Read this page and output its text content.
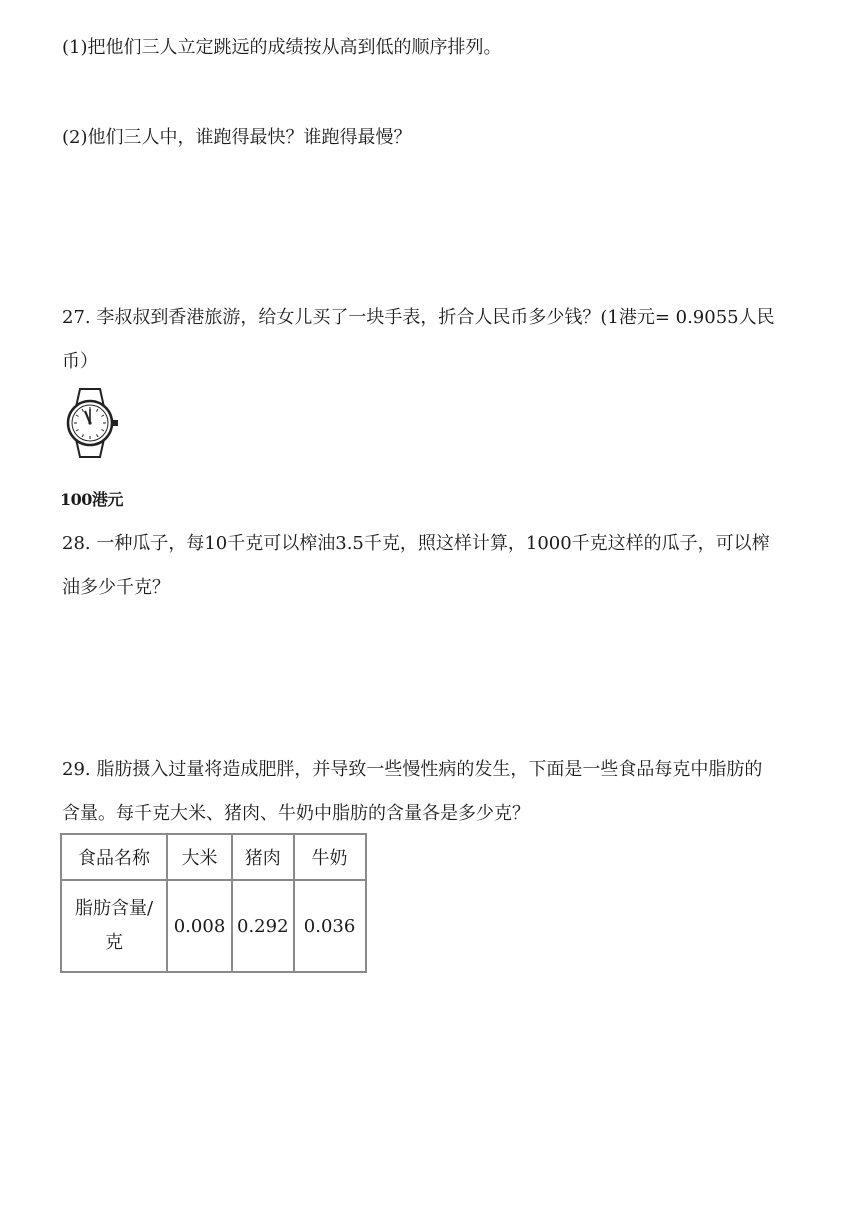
(1)把他们三人立定跳远的成绩按从高到低的顺序排列。
(2)他们三人中，谁跑得最快？谁跑得最慢？
27. 李叔叔到香港旅游，给女儿买了一块手表，折合人民币多少钱？(1港元= 0.9055人民
币）
100港元
28. 一种瓜子，每10千克可以榨油3.5千克，照这样计算，1000千克这样的瓜子，可以榨
油多少千克？
29. 脂肪摄入过量将造成肥胖，并导致一些慢性病的发生，下面是一些食品每克中脂肪的
含量。每千克大米、猪肉、牛奶中脂肪的含量各是多少克？
食品名称	大米	猪肉	牛奶

脂肪含量/
克	0.008	0.292	0.036
